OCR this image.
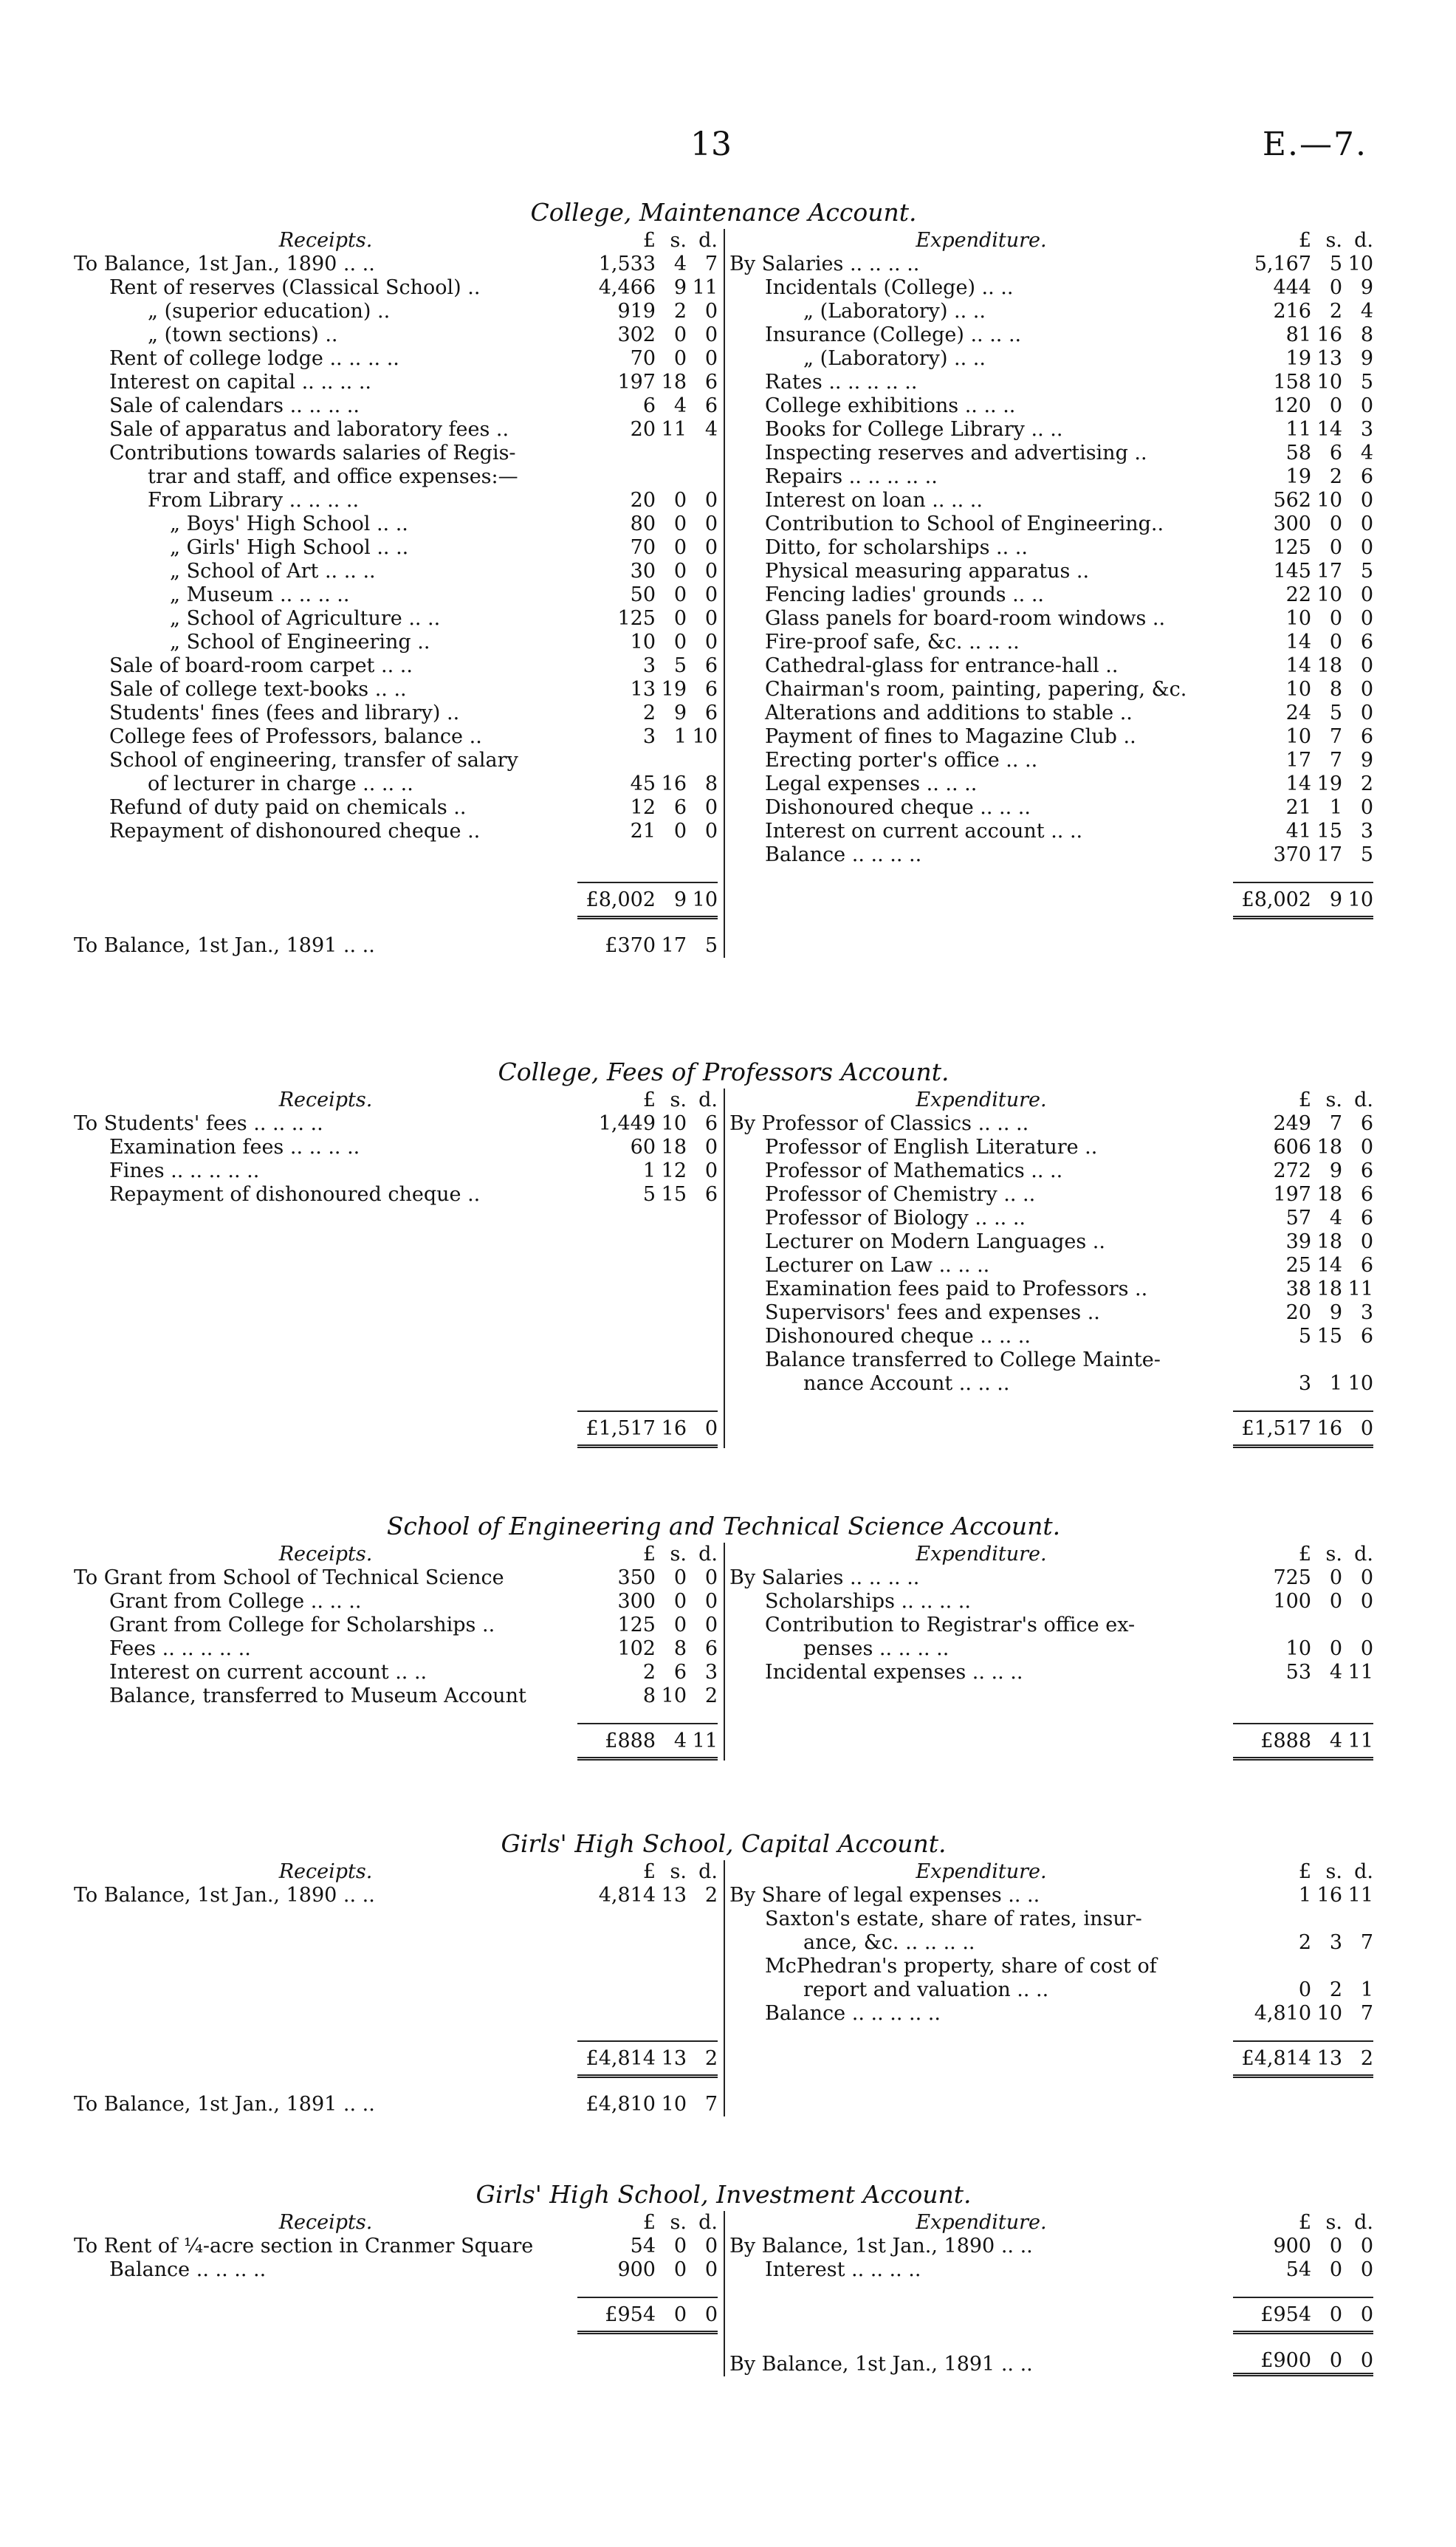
13	E.—7.
College, Maintenance Account.
Receipts.	£ s. d.
To Balance, 1st Jan., 1890 .. ..	1,533 4 7
Rent of reserves (Classical School) ..	4,466 9 11
„ (superior education) ..	919 2 0
„ (town sections) ..	302 0 0
Rent of college lodge .. .. .. ..	70 0 0
Interest on capital .. .. .. ..	197 18 6
Sale of calendars .. .. .. ..	6 4 6
Sale of apparatus and laboratory fees ..	20 11 4
Contributions towards salaries of Regis-
trar and staff, and office expenses:—
From Library .. .. .. ..	20 0 0
„ Boys' High School .. ..	80 0 0
„ Girls' High School .. ..	70 0 0
„ School of Art .. .. ..	30 0 0
„ Museum .. .. .. ..	50 0 0
„ School of Agriculture .. ..	125 0 0
„ School of Engineering ..	10 0 0
Sale of board-room carpet .. ..	3 5 6
Sale of college text-books .. ..	13 19 6
Students' fines (fees and library) ..	2 9 6
College fees of Professors, balance ..	3 1 10
School of engineering, transfer of salary
of lecturer in charge .. .. ..	45 16 8
Refund of duty paid on chemicals ..	12 6 0
Repayment of dishonoured cheque ..	21 0 0
£8,002 9 10
To Balance, 1st Jan., 1891 .. ..	£370 17 5
Expenditure.	£ s. d.
By Salaries .. .. .. ..	5,167 5 10
Incidentals (College) .. ..	444 0 9
„ (Laboratory) .. ..	216 2 4
Insurance (College) .. .. ..	81 16 8
„ (Laboratory) .. ..	19 13 9
Rates .. .. .. .. ..	158 10 5
College exhibitions .. .. ..	120 0 0
Books for College Library .. ..	11 14 3
Inspecting reserves and advertising ..	58 6 4
Repairs .. .. .. .. ..	19 2 6
Interest on loan .. .. ..	562 10 0
Contribution to School of Engineering..	300 0 0
Ditto, for scholarships .. ..	125 0 0
Physical measuring apparatus ..	145 17 5
Fencing ladies' grounds .. ..	22 10 0
Glass panels for board-room windows ..	10 0 0
Fire-proof safe, &c. .. .. ..	14 0 6
Cathedral-glass for entrance-hall ..	14 18 0
Chairman's room, painting, papering, &c.	10 8 0
Alterations and additions to stable ..	24 5 0
Payment of fines to Magazine Club ..	10 7 6
Erecting porter's office .. ..	17 7 9
Legal expenses .. .. ..	14 19 2
Dishonoured cheque .. .. ..	21 1 0
Interest on current account .. ..	41 15 3
Balance .. .. .. ..	370 17 5
£8,002 9 10
College, Fees of Professors Account.
Receipts.	£ s. d.
To Students' fees .. .. .. ..	1,449 10 6
Examination fees .. .. .. ..	60 18 0
Fines .. .. .. .. ..	1 12 0
Repayment of dishonoured cheque ..	5 15 6
£1,517 16 0
Expenditure.	£ s. d.
By Professor of Classics .. .. ..	249 7 6
Professor of English Literature ..	606 18 0
Professor of Mathematics .. ..	272 9 6
Professor of Chemistry .. ..	197 18 6
Professor of Biology .. .. ..	57 4 6
Lecturer on Modern Languages ..	39 18 0
Lecturer on Law .. .. ..	25 14 6
Examination fees paid to Professors ..	38 18 11
Supervisors' fees and expenses ..	20 9 3
Dishonoured cheque .. .. ..	5 15 6
Balance transferred to College Mainte-
nance Account .. .. ..	3 1 10
£1,517 16 0
School of Engineering and Technical Science Account.
Receipts.	£ s. d.
To Grant from School of Technical Science	350 0 0
Grant from College .. .. ..	300 0 0
Grant from College for Scholarships ..	125 0 0
Fees .. .. .. .. ..	102 8 6
Interest on current account .. ..	2 6 3
Balance, transferred to Museum Account	8 10 2
£888 4 11
Expenditure.	£ s. d.
By Salaries .. .. .. ..	725 0 0
Scholarships .. .. .. ..	100 0 0
Contribution to Registrar's office ex-
penses .. .. .. ..	10 0 0
Incidental expenses .. .. ..	53 4 11
£888 4 11
Girls' High School, Capital Account.
Receipts.	£ s. d.
To Balance, 1st Jan., 1890 .. ..	4,814 13 2
£4,814 13 2
To Balance, 1st Jan., 1891 .. ..	£4,810 10 7
Expenditure.	£ s. d.
By Share of legal expenses .. ..	1 16 11
Saxton's estate, share of rates, insur-
ance, &c. .. .. .. ..	2 3 7
McPhedran's property, share of cost of
report and valuation .. ..	0 2 1
Balance .. .. .. .. ..	4,810 10 7
£4,814 13 2
Girls' High School, Investment Account.
Receipts.	£ s. d.
To Rent of ¼-acre section in Cranmer Square	54 0 0
Balance .. .. .. ..	900 0 0
£954 0 0
Expenditure.	£ s. d.
By Balance, 1st Jan., 1890 .. ..	900 0 0
Interest .. .. .. ..	54 0 0
£954 0 0
By Balance, 1st Jan., 1891 .. ..	£900 0 0
